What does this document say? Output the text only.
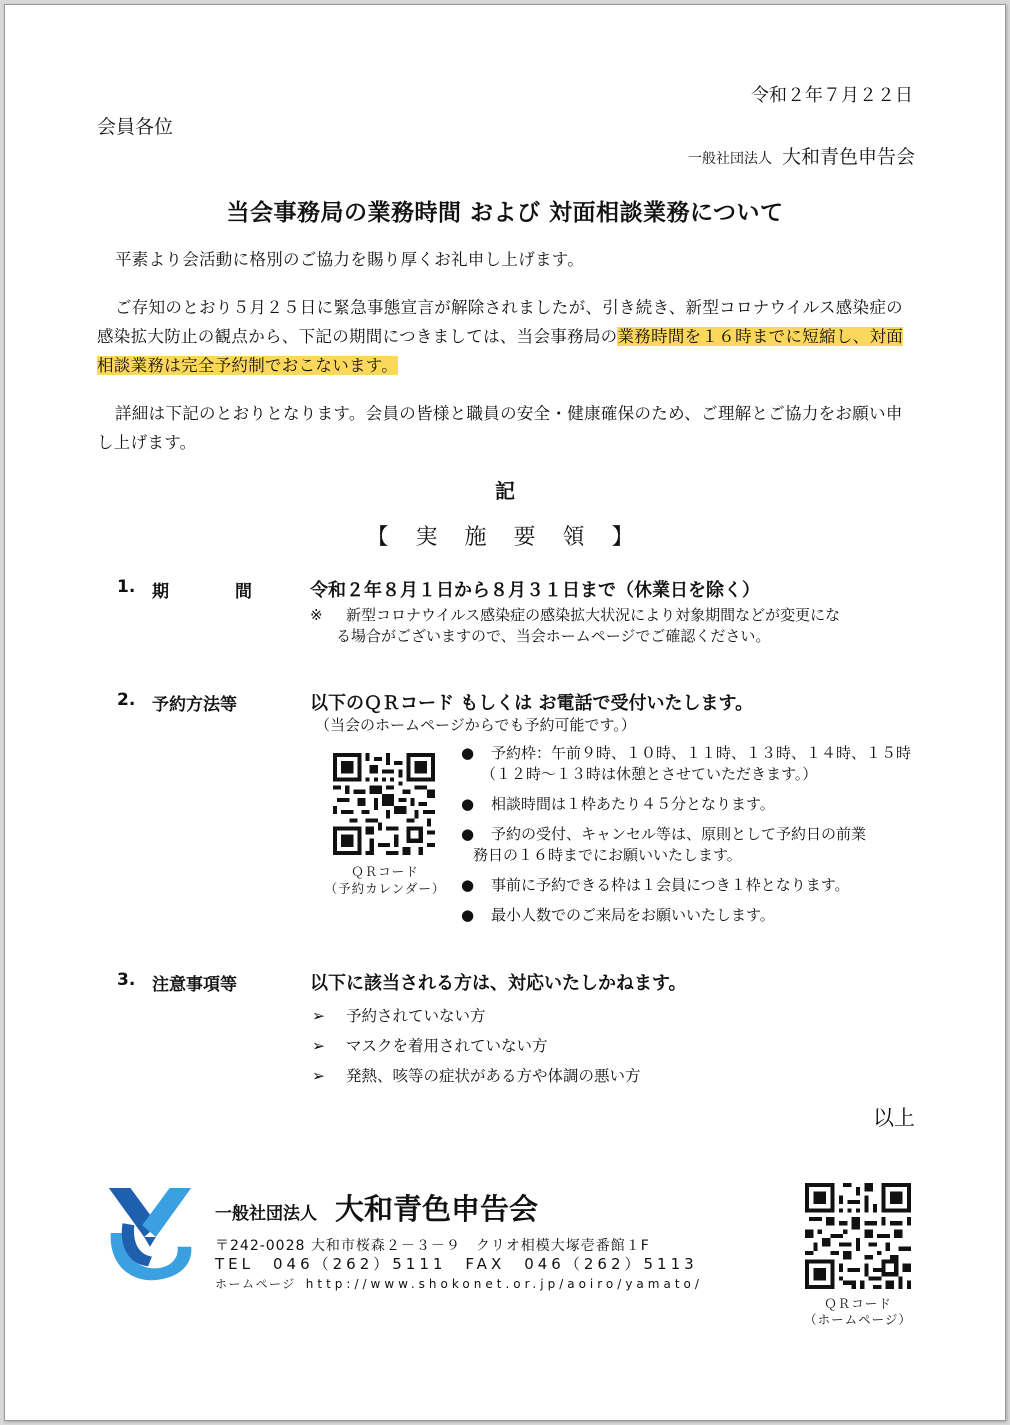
令和２年７月２２日
会員各位
一般社団法人 大和青色申告会
当会事務局の業務時間 および 対面相談業務について
平素より会活動に格別のご協力を賜り厚くお礼申し上げます。
ご存知のとおり５月２５日に緊急事態宣言が解除されましたが、引き続き、新型コロナウイルス感染症の感染拡大防止の観点から、下記の期間につきましては、当会事務局の業務時間を１６時までに短縮し、対面相談業務は完全予約制でおこないます。
詳細は下記のとおりとなります。会員の皆様と職員の安全・健康確保のため、ご理解とご協力をお願い申し上げます。
記
【 実 施 要 領 】
1. 期	間	令和２年８月１日から８月３１日まで（休業日を除く）
※ 新型コロナウイルス感染症の感染拡大状況により対象期間などが変更にな
る場合がございますので、当会ホームページでご確認ください。
2. 予約方法等	以下のＱＲコード もしくは お電話で受付いたします。
（当会のホームページからでも予約可能です。）
ＱＲコード
（予約カレンダー）
● 予約枠：午前９時、１０時、１１時、１３時、１４時、１５時
（１２時～１３時は休憩とさせていただきます。）
● 相談時間は１枠あたり４５分となります。
● 予約の受付、キャンセル等は、原則として予約日の前業
務日の１６時までにお願いいたします。
● 事前に予約できる枠は１会員につき１枠となります。
● 最小人数でのご来局をお願いいたします。
3. 注意事項等	以下に該当される方は、対応いたしかねます。
➢ 予約されていない方
➢ マスクを着用されていない方
➢ 発熱、咳等の症状がある方や体調の悪い方
以上
一般社団法人 大和青色申告会
〒242-0028 大和市桜森２－３－９　クリオ相模大塚壱番館１F
TEL　046（262）5111　FAX　046（262）5113
ホームページ http://www.shokonet.or.jp/aoiro/yamato/
ＱＲコード
（ホームページ）
